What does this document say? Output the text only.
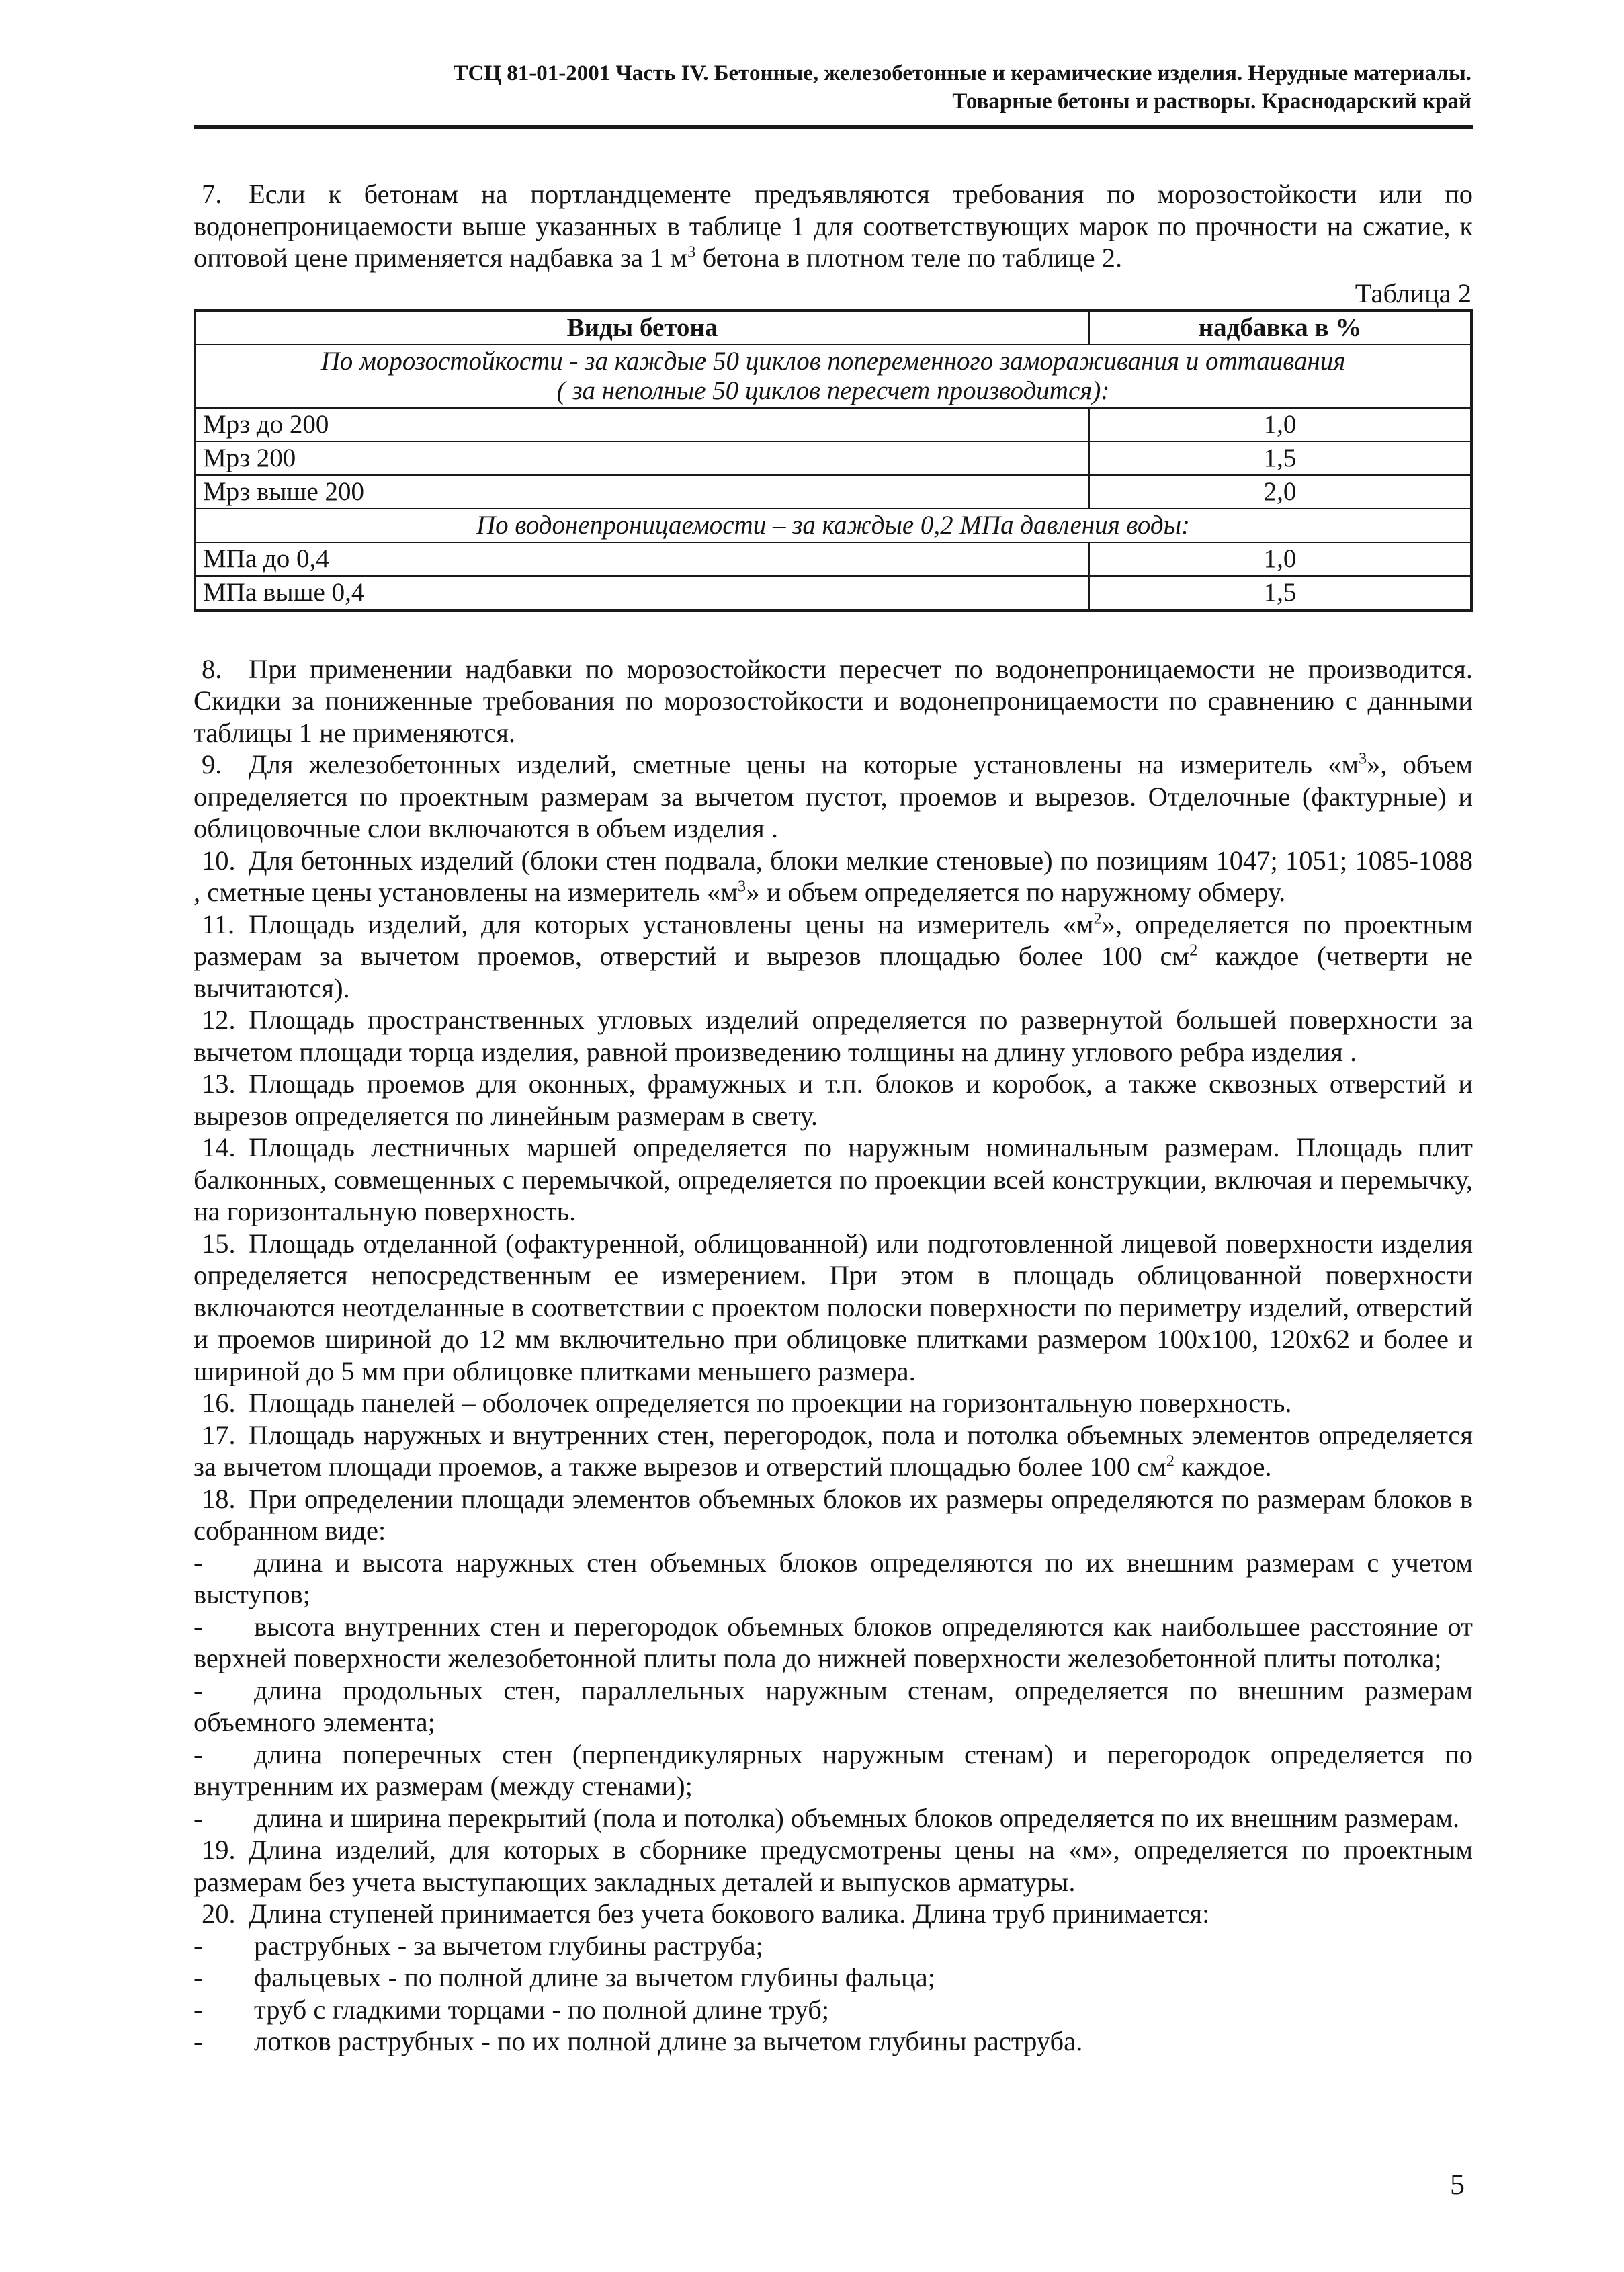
ТСЦ 81-01-2001 Часть IV. Бетонные, железобетонные и керамические изделия. Нерудные материалы.
Товарные бетоны и растворы. Краснодарский край

7. Если к бетонам на портландцементе предъявляются требования по морозостойкости или по водонепроницаемости выше указанных в таблице 1 для соответствующих марок по прочности на сжатие, к оптовой цене применяется надбавка за 1 $м^3$ бетона в плотном теле по таблице 2.

Таблица 2
Виды бетона	надбавка в %

По морозостойкости - за каждые 50 циклов попеременного замораживания и оттаивания
( за неполные 50 циклов пересчет производится):	

Мрз до 200	1,0
Мрз 200	1,5
Мрз выше 200	2,0
По водонепроницаемости – за каждые 0,2 МПа давления воды:	
МПа до 0,4	1,0
МПа выше 0,4	1,5

8. При применении надбавки по морозостойкости пересчет по водонепроницаемости не производится. Скидки за пониженные требования по морозостойкости и водонепроницаемости по сравнению с данными таблицы 1 не применяются.

9. Для железобетонных изделий, сметные цены на которые установлены на измеритель «$м^3$», объем определяется по проектным размерам за вычетом пустот, проемов и вырезов. Отделочные (фактурные) и облицовочные слои включаются в объем изделия .

10. Для бетонных изделий (блоки стен подвала, блоки мелкие стеновые) по позициям 1047; 1051; 1085-1088 , сметные цены установлены на измеритель «$м^3$» и объем определяется по наружному обмеру.

11. Площадь изделий, для которых установлены цены на измеритель «$м^2$», определяется по проектным размерам за вычетом проемов, отверстий и вырезов площадью более 100 $см^2$ каждое (четверти не вычитаются).

12. Площадь пространственных угловых изделий определяется по развернутой большей поверхности за вычетом площади торца изделия, равной произведению толщины на длину углового ребра изделия .

13. Площадь проемов для оконных, фрамужных и т.п. блоков и коробок, а также сквозных отверстий и вырезов определяется по линейным размерам в свету.

14. Площадь лестничных маршей определяется по наружным номинальным размерам. Площадь плит балконных, совмещенных с перемычкой, определяется по проекции всей конструкции, включая и перемычку, на горизонтальную поверхность.

15. Площадь отделанной (офактуренной, облицованной) или подготовленной лицевой поверхности изделия определяется непосредственным ее измерением. При этом в площадь облицованной поверхности включаются неотделанные в соответствии с проектом полоски поверхности по периметру изделий, отверстий и проемов шириной до 12 мм включительно при облицовке плитками размером 100x100, 120x62 и более и шириной до 5 мм при облицовке плитками меньшего размера.

16. Площадь панелей – оболочек определяется по проекции на горизонтальную поверхность.

17. Площадь наружных и внутренних стен, перегородок, пола и потолка объемных элементов определяется за вычетом площади проемов, а также вырезов и отверстий площадью более 100 $см^2$ каждое.

18. При определении площади элементов объемных блоков их размеры определяются по размерам блоков в собранном виде:

- длина и высота наружных стен объемных блоков определяются по их внешним размерам с учетом выступов;

- высота внутренних стен и перегородок объемных блоков определяются как наибольшее расстояние от верхней поверхности железобетонной плиты пола до нижней поверхности железобетонной плиты потолка;

- длина продольных стен, параллельных наружным стенам, определяется по внешним размерам объемного элемента;

- длина поперечных стен (перпендикулярных наружным стенам) и перегородок определяется по внутренним их размерам (между стенами);

- длина и ширина перекрытий (пола и потолка) объемных блоков определяется по их внешним размерам.

19. Длина изделий, для которых в сборнике предусмотрены цены на «м», определяется по проектным размерам без учета выступающих закладных деталей и выпусков арматуры.

20. Длина ступеней принимается без учета бокового валика. Длина труб принимается:

- раструбных - за вычетом глубины раструба;

- фальцевых - по полной длине за вычетом глубины фальца;

- труб с гладкими торцами - по полной длине труб;

- лотков раструбных - по их полной длине за вычетом глубины раструба.

5
